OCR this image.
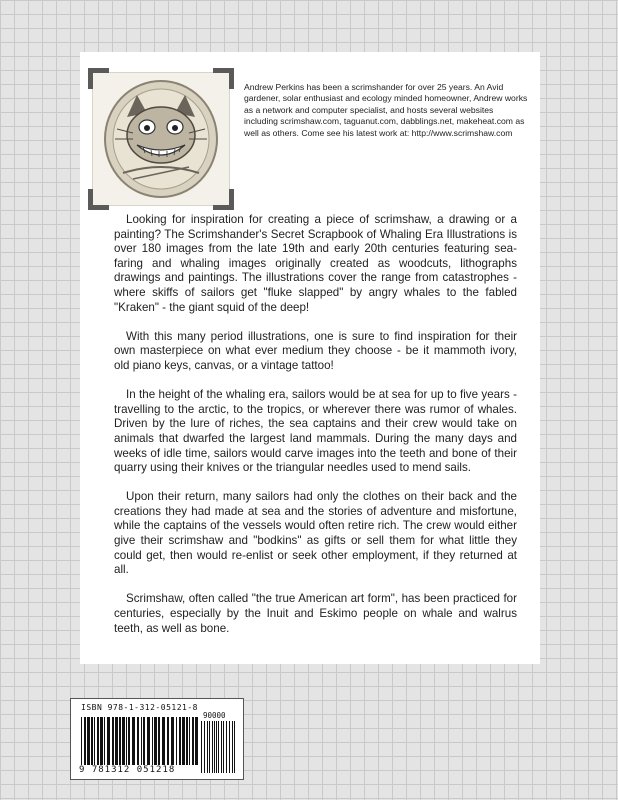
Andrew Perkins has been a scrimshander for over 25 years. An Avid gardener, solar enthusiast and ecology minded homeowner, Andrew works as a network and computer specialist, and hosts several websites including scrimshaw.com, taguanut.com, dabblings.net, makeheat.com as well as others. Come see his latest work at: http://www.scrimshaw.com

Looking for inspiration for creating a piece of scrimshaw, a drawing or a painting? The Scrimshander's Secret Scrapbook of Whaling Era Illustrations is over 180 images from the late 19th and early 20th centuries featuring sea-faring and whaling images originally created as woodcuts, lithographs drawings and paintings. The illustrations cover the range from catastrophes - where skiffs of sailors get "fluke slapped" by angry whales to the fabled "Kraken" - the giant squid of the deep!

With this many period illustrations, one is sure to find inspiration for their own masterpiece on what ever medium they choose - be it mammoth ivory, old piano keys, canvas, or a vintage tattoo!

In the height of the whaling era, sailors would be at sea for up to five years - travelling to the arctic, to the tropics, or wherever there was rumor of whales. Driven by the lure of riches, the sea captains and their crew would take on animals that dwarfed the largest land mammals. During the many days and weeks of idle time, sailors would carve images into the teeth and bone of their quarry using their knives or the triangular needles used to mend sails.

Upon their return, many sailors had only the clothes on their back and the creations they had made at sea and the stories of adventure and misfortune, while the captains of the vessels would often retire rich. The crew would either give their scrimshaw and "bodkins" as gifts or sell them for what little they could get, then would re-enlist or seek other employment, if they returned at all.

Scrimshaw, often called "the true American art form", has been practiced for centuries, especially by the Inuit and Eskimo people on whale and walrus teeth, as well as bone.

ISBN 978-1-312-05121-8
9 781312 051218
90000
